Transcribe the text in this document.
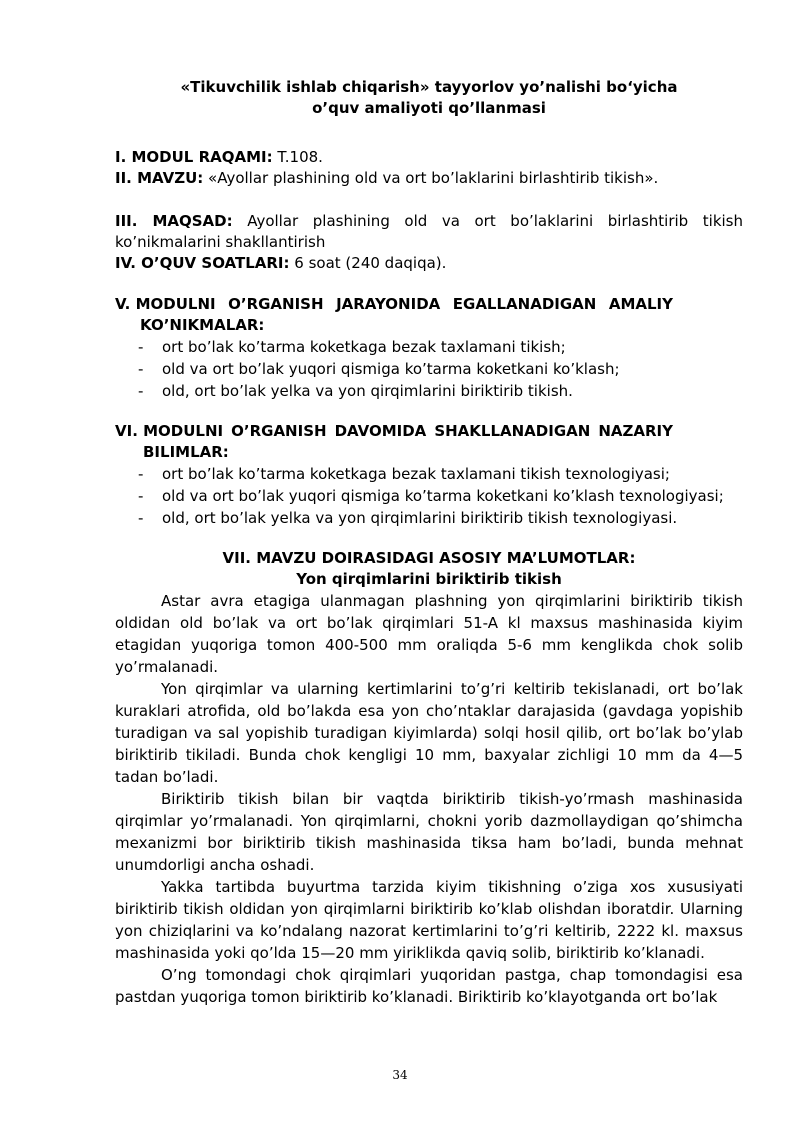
«Tikuvchilik ishlab chiqarish» tayyorlov yo’nalishi bo‘yicha
o’quv amaliyoti qo’llanmasi
I. MODUL RAQAMI: T.108.
II. MAVZU: «Ayollar plashining old va ort bo’laklarini birlashtirib tikish».
III. MAQSAD: Ayollar plashining old va ort bo’laklarini birlashtirib tikish ko’nikmalarini shakllantirish
IV. O’QUV SOATLARI: 6 soat (240 daqiqa).
V. MODULNI O’RGANISH JARAYONIDA EGALLANADIGAN AMALIY
KO’NIKMALAR:
- ort bo’lak ko’tarma koketkaga bezak taxlamani tikish;
- old va ort bo’lak yuqori qismiga ko’tarma koketkani ko’klash;
- old, ort bo’lak yelka va yon qirqimlarini biriktirib tikish.
VI. MODULNI O’RGANISH DAVOMIDA SHAKLLANADIGAN NAZARIY
BILIMLAR:
- ort bo’lak ko’tarma koketkaga bezak taxlamani tikish texnologiyasi;
- old va ort bo’lak yuqori qismiga ko’tarma koketkani ko’klash texnologiyasi;
- old, ort bo’lak yelka va yon qirqimlarini biriktirib tikish texnologiyasi.
VII. MAVZU DOIRASIDAGI ASOSIY MA’LUMOTLAR:
Yon qirqimlarini biriktirib tikish

Astar avra etagiga ulanmagan plashning yon qirqimlarini biriktirib tikish oldidan old bo’lak va ort bo’lak qirqimlari 51-A kl maxsus mashinasida kiyim etagidan yuqoriga tomon 400-500 mm oraliqda 5-6 mm kenglikda chok solib yo’rmalanadi.

Yon qirqimlar va ularning kertimlarini to’g’ri keltirib tekislanadi, ort bo’lak kuraklari atrofida, old bo’lakda esa yon cho’ntaklar darajasida (gavdaga yopishib turadigan va sal yopishib turadigan kiyimlarda) solqi hosil qilib, ort bo’lak bo’ylab biriktirib tikiladi. Bunda chok kengligi 10 mm, baxyalar zichligi 10 mm da 4—5 tadan bo’ladi.

Biriktirib tikish bilan bir vaqtda biriktirib tikish-yo’rmash mashinasida qirqimlar yo’rmalanadi. Yon qirqimlarni, chokni yorib dazmollaydigan qo’shimcha mexanizmi bor biriktirib tikish mashinasida tiksa ham bo’ladi, bunda mehnat unumdorligi ancha oshadi.

Yakka tartibda buyurtma tarzida kiyim tikishning o’ziga xos xususiyati biriktirib tikish oldidan yon qirqimlarni biriktirib ko’klab olishdan iboratdir. Ularning yon chiziqlarini va ko’ndalang nazorat kertimlarini to’g’ri keltirib, 2222 kl. maxsus mashinasida yoki qo’lda 15—20 mm yiriklikda qaviq solib, biriktirib ko’klanadi.

O’ng tomondagi chok qirqimlari yuqoridan pastga, chap tomondagisi esa pastdan yuqoriga tomon biriktirib ko’klanadi. Biriktirib ko’klayotganda ort bo’lak

34
